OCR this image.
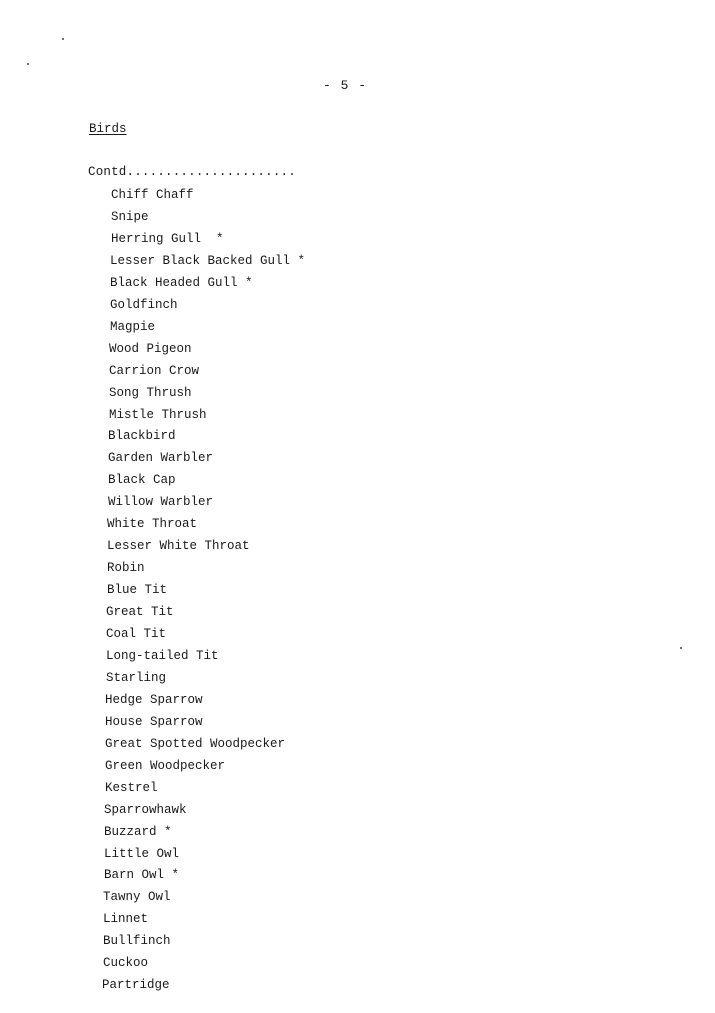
- 5 -
Birds
Contd......................
Chiff Chaff
Snipe
Herring Gull  *
Lesser Black Backed Gull *
Black Headed Gull *
Goldfinch
Magpie
Wood Pigeon
Carrion Crow
Song Thrush
Mistle Thrush
Blackbird
Garden Warbler
Black Cap
Willow Warbler
White Throat
Lesser White Throat
Robin
Blue Tit
Great Tit
Coal Tit
Long-tailed Tit
Starling
Hedge Sparrow
House Sparrow
Great Spotted Woodpecker
Green Woodpecker
Kestrel
Sparrowhawk
Buzzard *
Little Owl
Barn Owl *
Tawny Owl
Linnet
Bullfinch
Cuckoo
Partridge
